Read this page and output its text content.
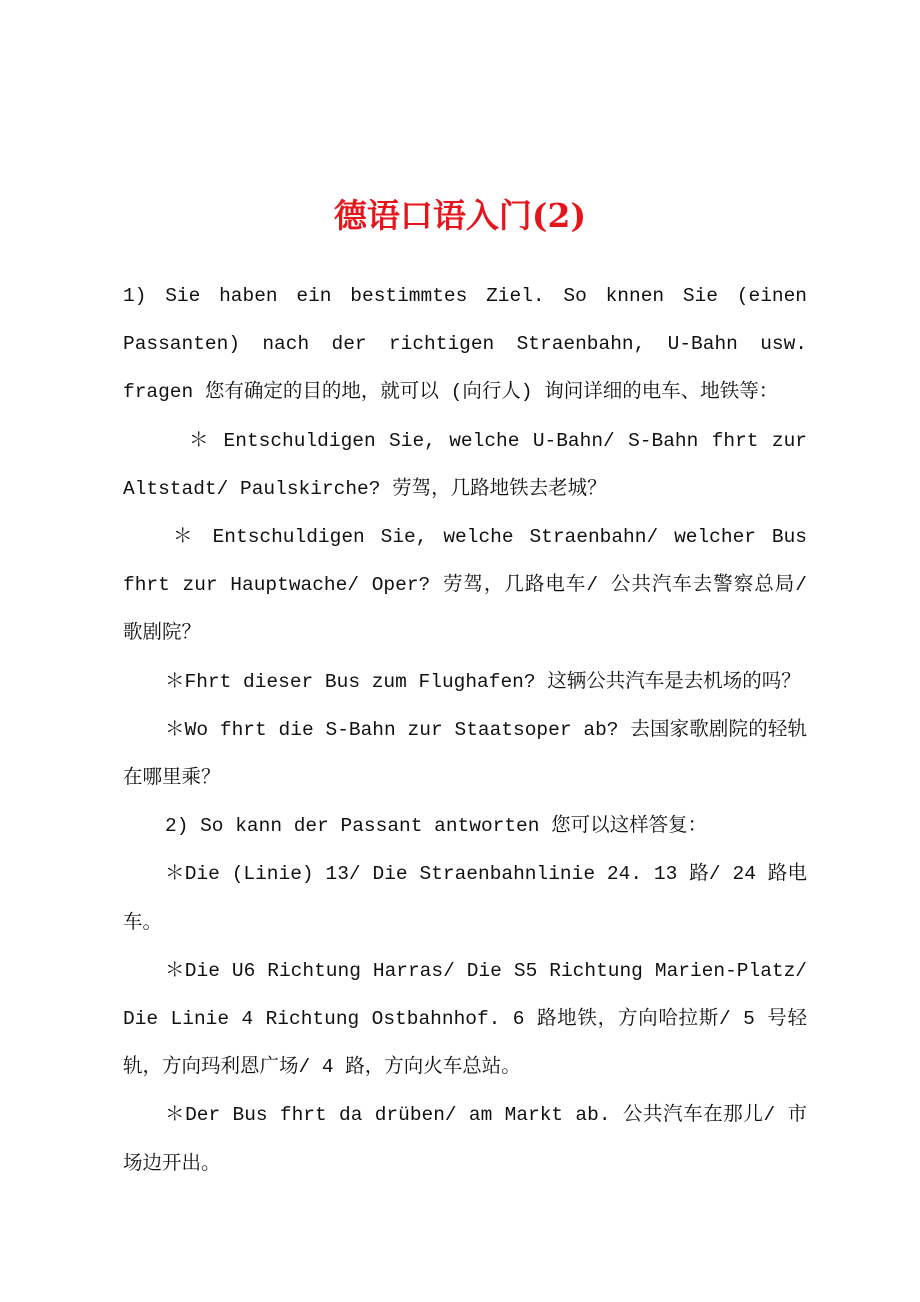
德语口语入门(2)

1) Sie haben ein bestimmtes Ziel. So knnen Sie (einen Passanten) nach der richtigen Straenbahn, U-Bahn usw. fragen 您有确定的目的地，就可以 (向行人) 询问详细的电车、地铁等：

＊ Entschuldigen Sie, welche U-Bahn/ S-Bahn fhrt zur Altstadt/ Paulskirche? 劳驾，几路地铁去老城？

＊ Entschuldigen Sie, welche Straenbahn/ welcher Bus fhrt zur Hauptwache/ Oper? 劳驾，几路电车/ 公共汽车去警察总局/ 歌剧院？

＊Fhrt dieser Bus zum Flughafen? 这辆公共汽车是去机场的吗？

＊Wo fhrt die S-Bahn zur Staatsoper ab? 去国家歌剧院的轻轨在哪里乘？

2) So kann der Passant antworten 您可以这样答复：

＊Die (Linie) 13/ Die Straenbahnlinie 24. 13 路/ 24 路电车。

＊Die U6 Richtung Harras/ Die S5 Richtung Marien-Platz/ Die Linie 4 Richtung Ostbahnhof. 6 路地铁，方向哈拉斯/ 5 号轻轨，方向玛利恩广场/ 4 路，方向火车总站。

＊Der Bus fhrt da drüben/ am Markt ab. 公共汽车在那儿/ 市场边开出。
